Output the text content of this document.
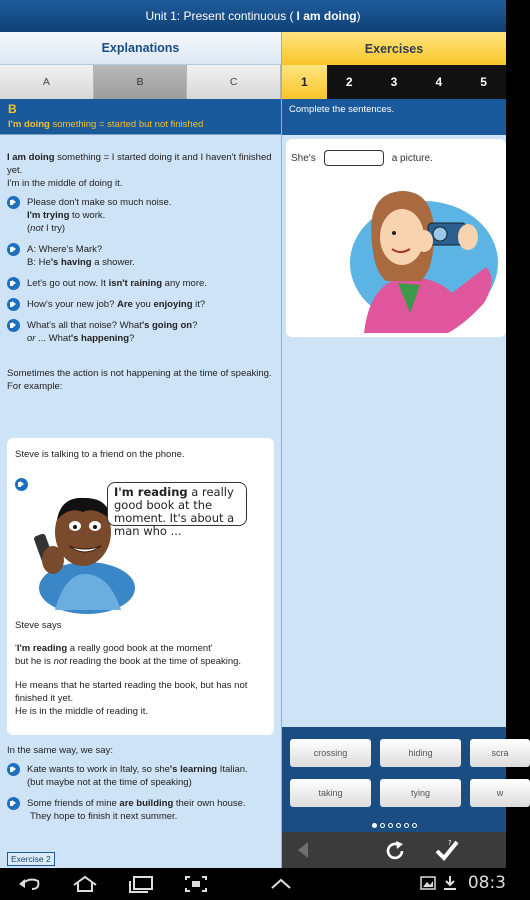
Unit 1: Present continuous ( I am doing )
Explanations
A	B	C
B
I'm doing something = started but not finished

I am doing something = I started doing it and I haven't finished yet.
I'm in the middle of doing it.

Please don't make so much noise.
I'm trying to work.
(not I try)
A: Where's Mark?
B: He's having a shower.
Let's go out now. It isn't raining any more.
How's your new job? Are you enjoying it?
What's all that noise? What's going on?
or ... What's happening?

Sometimes the action is not happening at the time of speaking.
For example:

Steve is talking to a friend on the phone.
I'm reading a really good book at the moment. It's about a man who ...
Steve says
'I'm reading a really good book at the moment'
but he is not reading the book at the time of speaking.
He means that he started reading the book, but has not finished it yet.
He is in the middle of reading it.

In the same way, we say:

Kate wants to work in Italy, so she's learning Italian.
(but maybe not at the time of speaking)
Some friends of mine are building their own house.
They hope to finish it next summer.
Exercise 2
Exercises
1	2	3	4	5
Complete the sentences.
She's	a picture.
crossing	hiding	scra
taking	tying	w
?
08:3
